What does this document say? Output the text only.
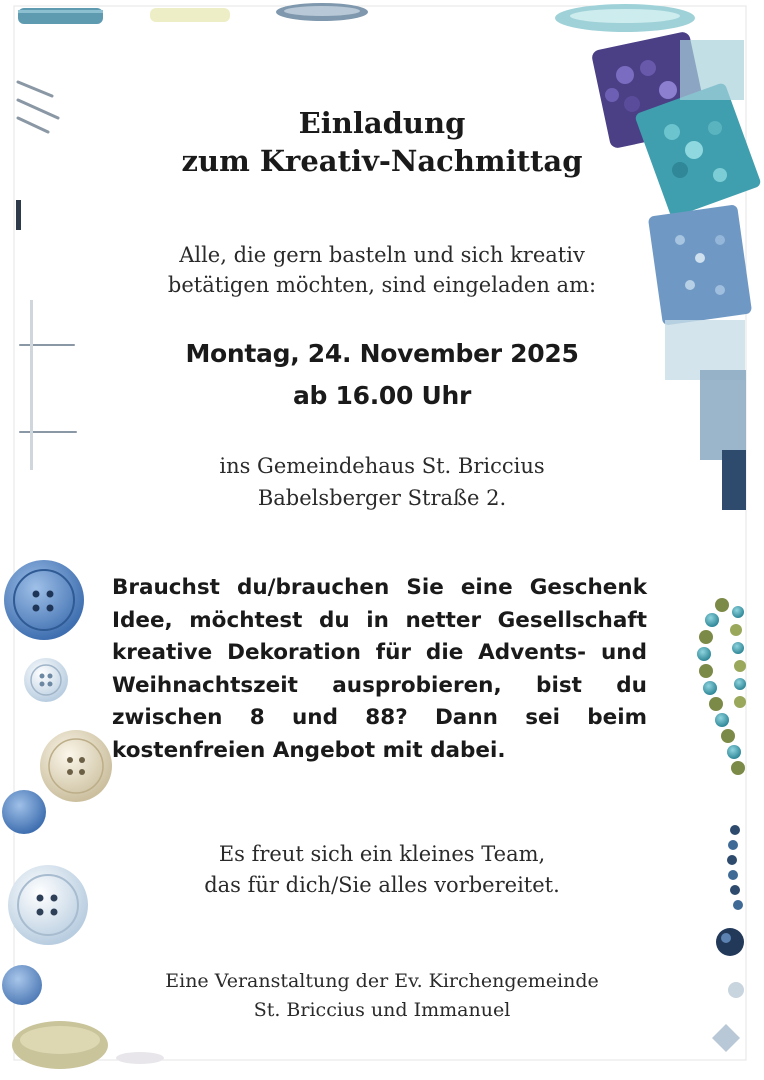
Einladung
zum Kreativ-Nachmittag
Alle, die gern basteln und sich kreativ
betätigen möchten, sind eingeladen am:
Montag, 24. November 2025
ab 16.00 Uhr
ins Gemeindehaus St. Briccius
Babelsberger Straße 2.

Brauchst du/brauchen Sie eine Geschenk Idee, möchtest du in netter Gesellschaft kreative Dekoration für die Advents- und Weihnachtszeit ausprobieren, bist du zwischen 8 und 88? Dann sei beim kostenfreien Angebot mit dabei.

Es freut sich ein kleines Team,
das für dich/Sie alles vorbereitet.
Eine Veranstaltung der Ev. Kirchengemeinde
St. Briccius und Immanuel
